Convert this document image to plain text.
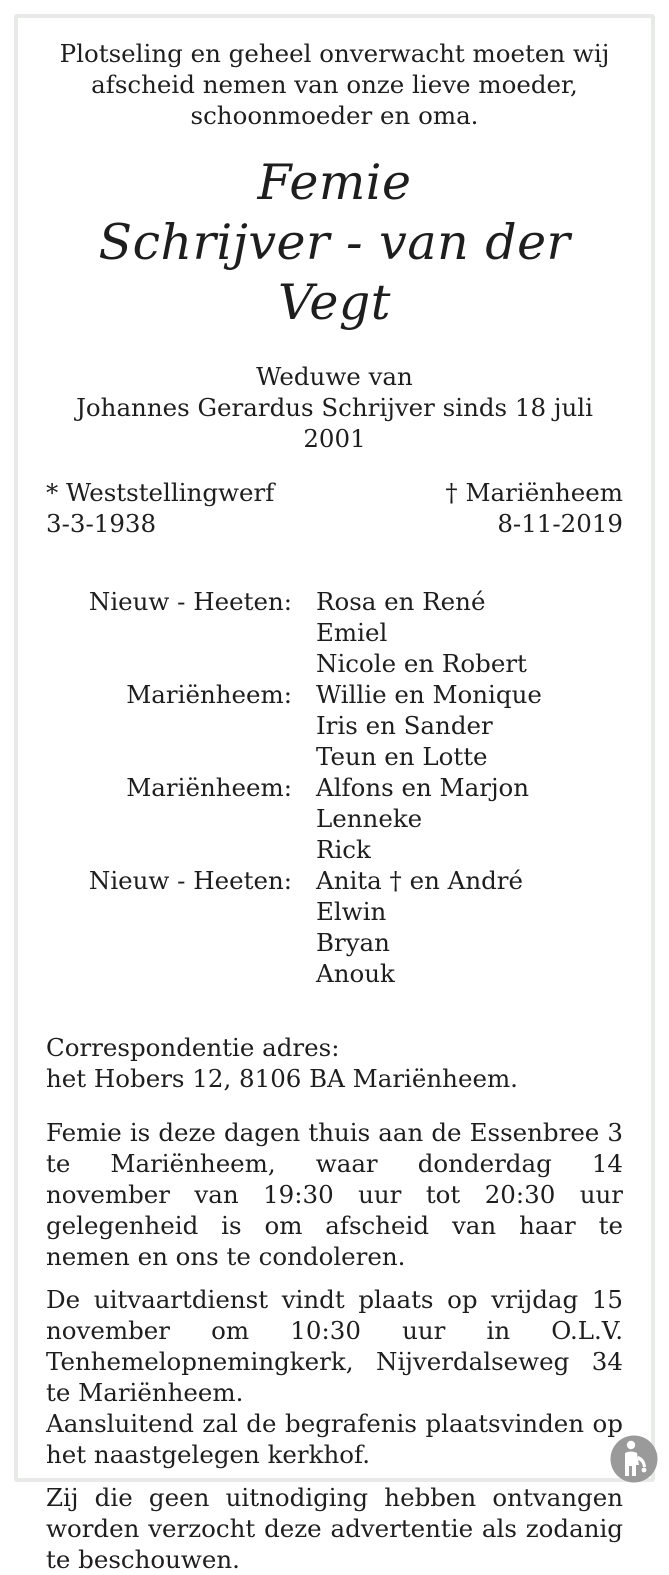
Plotseling en geheel onverwacht moeten wij
afscheid nemen van onze lieve moeder,
schoonmoeder en oma.

Femie
Schrijver - van der Vegt
Weduwe van
Johannes Gerardus Schrijver sinds 18 juli 2001
* Weststellingwerf
3-3-1938
† Mariënheem
8-11-2019
Nieuw - Heeten: Rosa en René
Emiel
Nicole en Robert
Mariënheem: Willie en Monique
Iris en Sander
Teun en Lotte
Mariënheem: Alfons en Marjon
Lenneke
Rick
Nieuw - Heeten: Anita † en André
Elwin
Bryan
Anouk
Correspondentie adres:
het Hobers 12, 8106 BA Mariënheem.
Femie is deze dagen thuis aan de Essenbree 3 te Mariënheem, waar donderdag 14 november van 19:30 uur tot 20:30 uur gelegenheid is om afscheid van haar te nemen en ons te condoleren.
De uitvaartdienst vindt plaats op vrijdag 15 november om 10:30 uur in O.L.V. Tenhemelopnemingkerk, Nijverdalseweg 34 te Mariënheem.
Aansluitend zal de begrafenis plaatsvinden op het naastgelegen kerkhof.
Zij die geen uitnodiging hebben ontvangen worden verzocht deze advertentie als zodanig te beschouwen.
